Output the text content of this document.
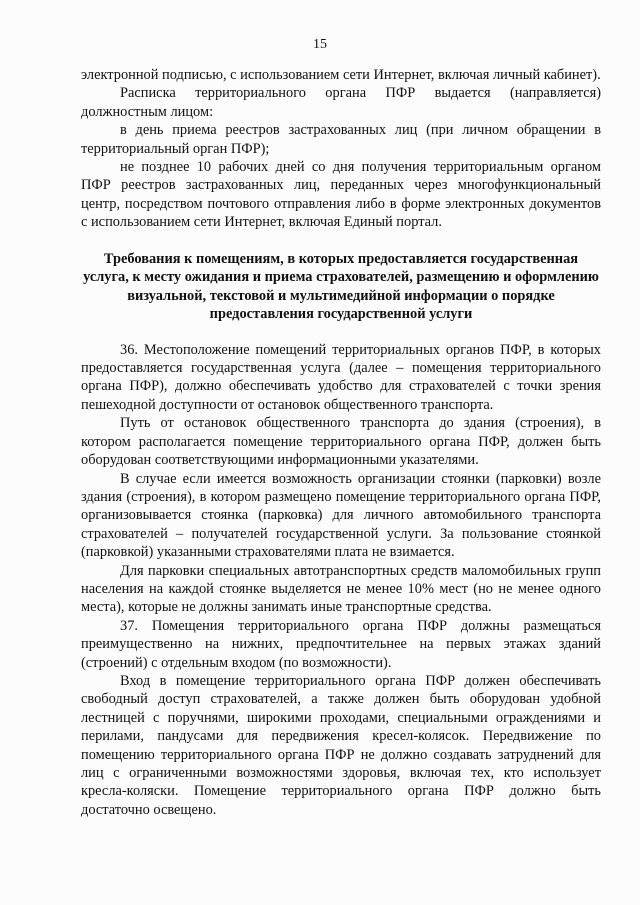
15

электронной подписью, с использованием сети Интернет, включая личный кабинет).

Расписка территориального органа ПФР выдается (направляется) должностным лицом:

в день приема реестров застрахованных лиц (при личном обращении в территориальный орган ПФР);

не позднее 10 рабочих дней со дня получения территориальным органом ПФР реестров застрахованных лиц, переданных через многофункциональный центр, посредством почтового отправления либо в форме электронных документов с использованием сети Интернет, включая Единый портал.

Требования к помещениям, в которых предоставляется государственная услуга, к месту ожидания и приема страхователей, размещению и оформлению визуальной, текстовой и мультимедийной информации о порядке предоставления государственной услуги

36. Местоположение помещений территориальных органов ПФР, в которых предоставляется государственная услуга (далее – помещения территориального органа ПФР), должно обеспечивать удобство для страхователей с точки зрения пешеходной доступности от остановок общественного транспорта.

Путь от остановок общественного транспорта до здания (строения), в котором располагается помещение территориального органа ПФР, должен быть оборудован соответствующими информационными указателями.

В случае если имеется возможность организации стоянки (парковки) возле здания (строения), в котором размещено помещение территориального органа ПФР, организовывается стоянка (парковка) для личного автомобильного транспорта страхователей – получателей государственной услуги. За пользование стоянкой (парковкой) указанными страхователями плата не взимается.

Для парковки специальных автотранспортных средств маломобильных групп населения на каждой стоянке выделяется не менее 10% мест (но не менее одного места), которые не должны занимать иные транспортные средства.

37. Помещения территориального органа ПФР должны размещаться преимущественно на нижних, предпочтительнее на первых этажах зданий (строений) с отдельным входом (по возможности).

Вход в помещение территориального органа ПФР должен обеспечивать свободный доступ страхователей, а также должен быть оборудован удобной лестницей с поручнями, широкими проходами, специальными ограждениями и перилами, пандусами для передвижения кресел-колясок. Передвижение по помещению территориального органа ПФР не должно создавать затруднений для лиц с ограниченными возможностями здоровья, включая тех, кто использует кресла-коляски. Помещение территориального органа ПФР должно быть достаточно освещено.
